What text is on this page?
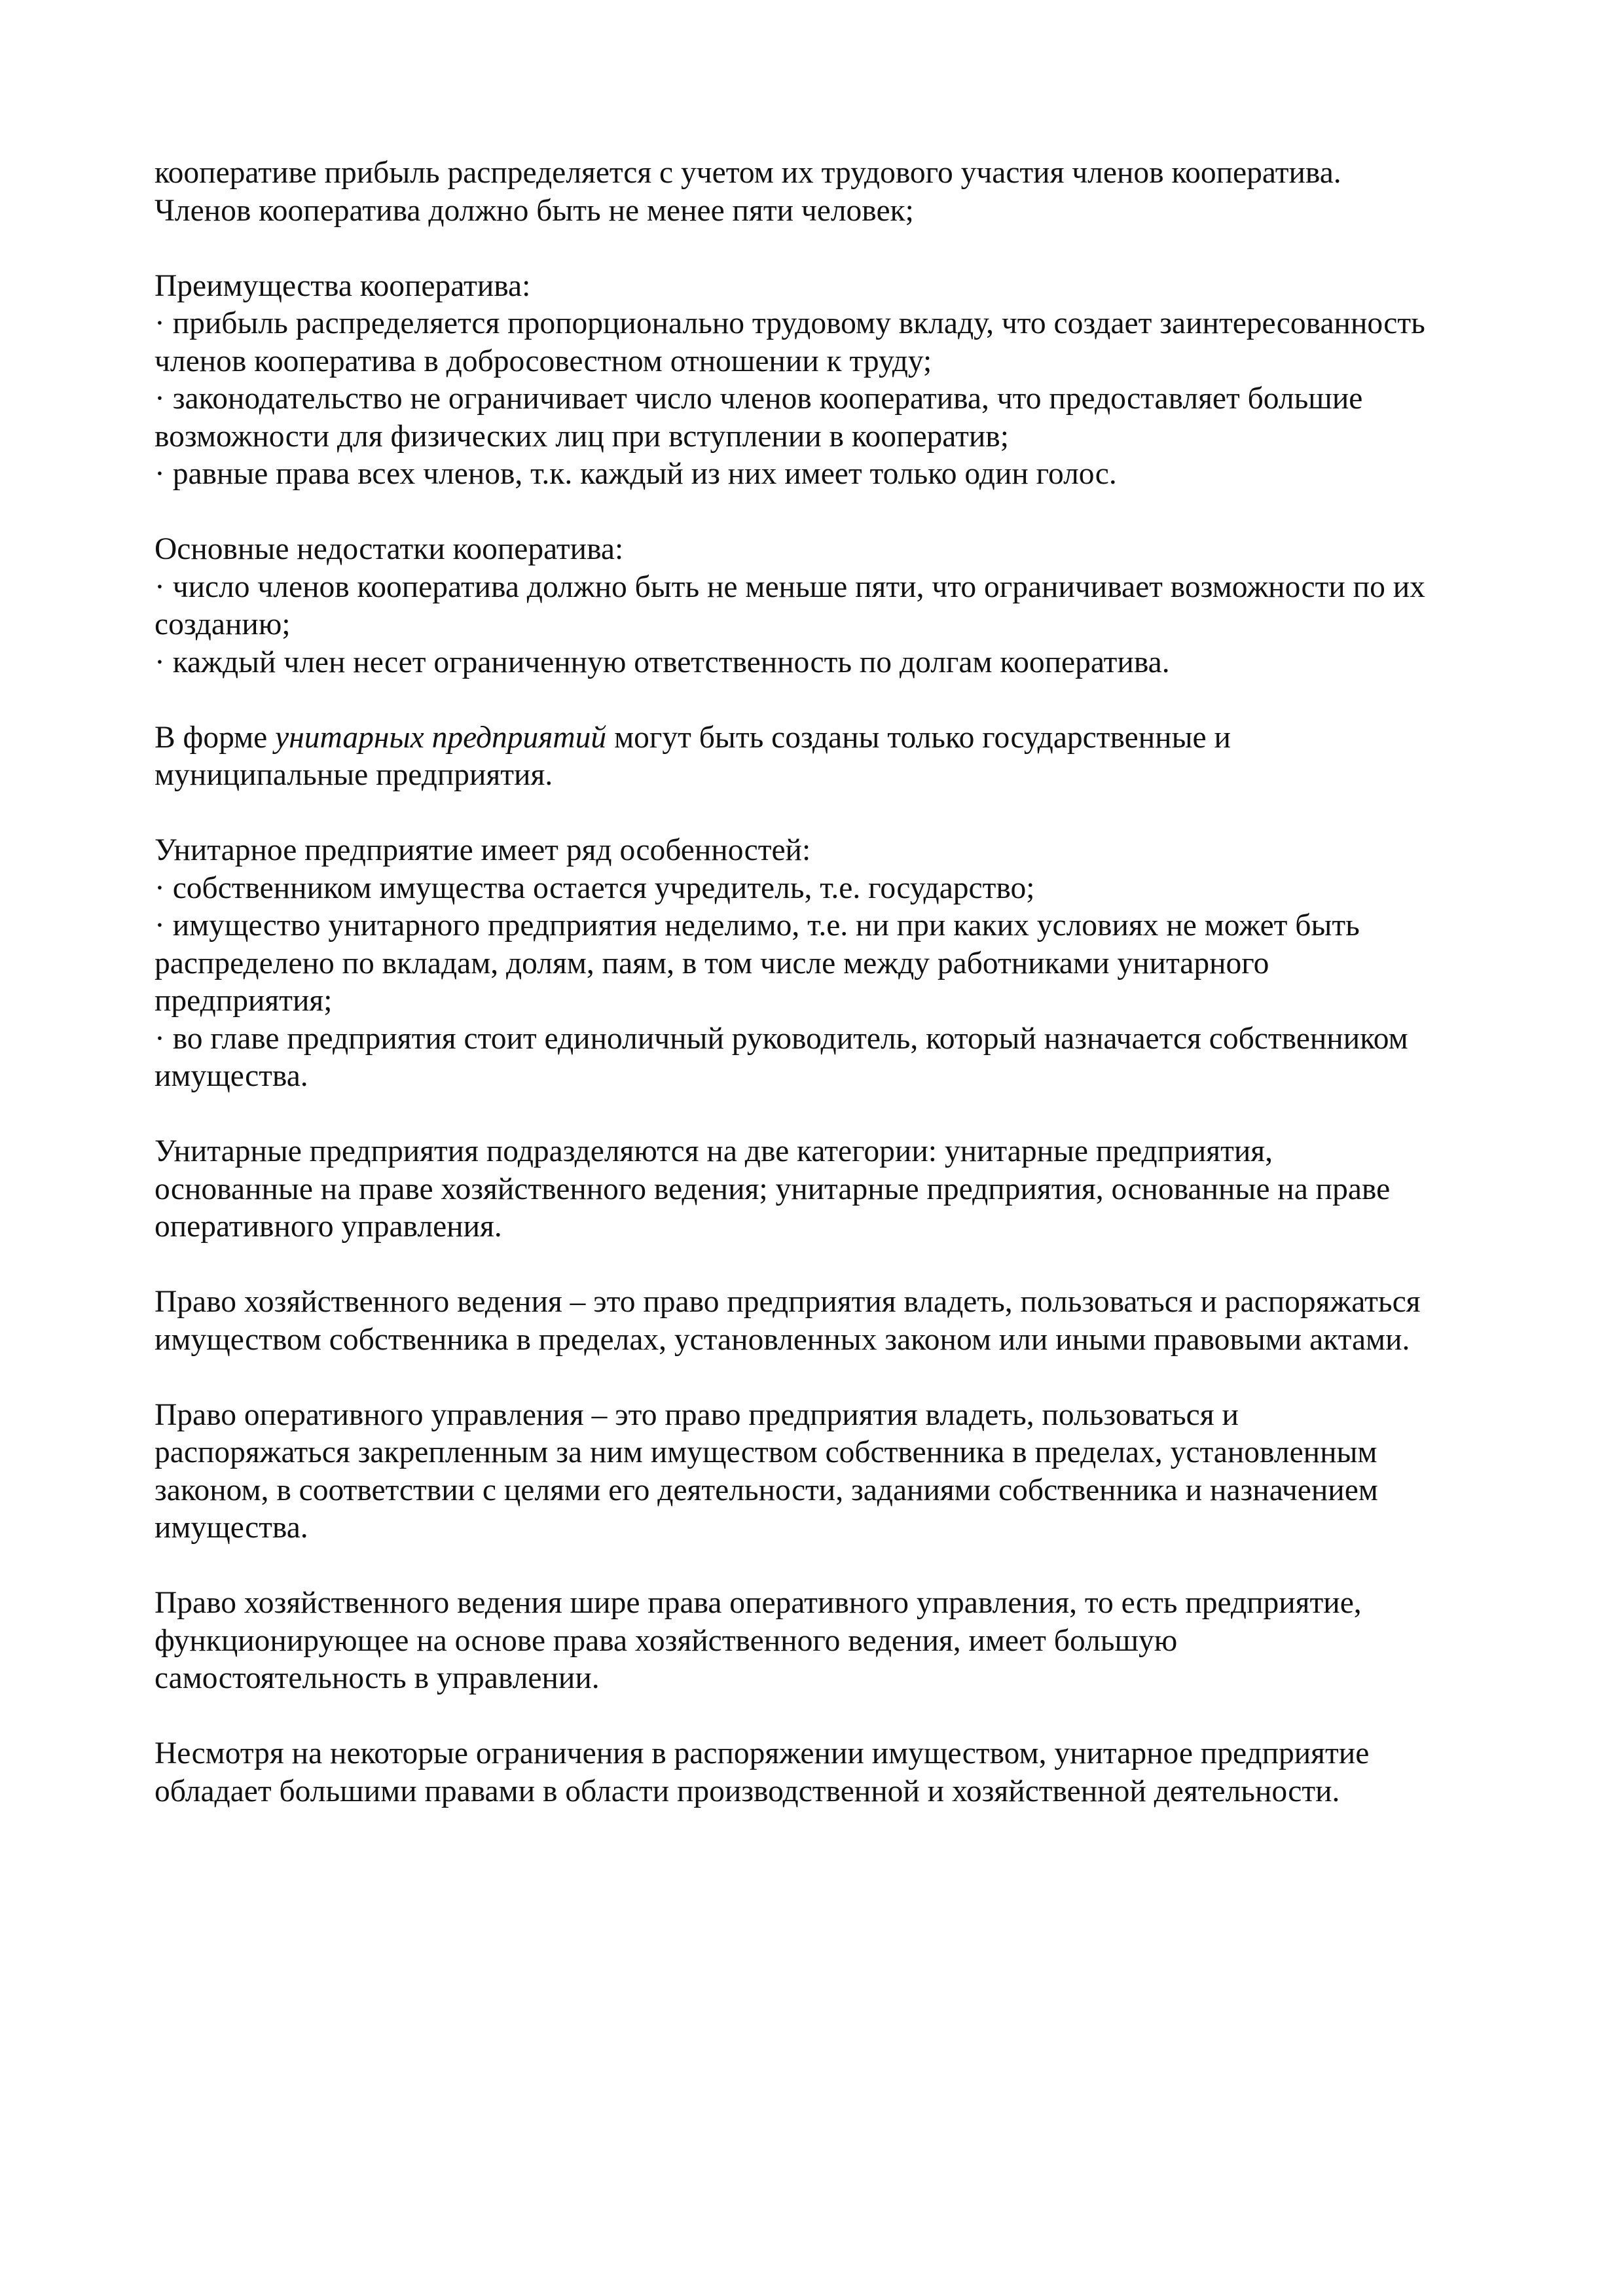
кооперативе прибыль распределяется с учетом их трудового участия членов кооператива.
Членов кооператива должно быть не менее пяти человек;
Преимущества кооператива:
· прибыль распределяется пропорционально трудовому вкладу, что создает заинтересованность
членов кооператива в добросовестном отношении к труду;
· законодательство не ограничивает число членов кооператива, что предоставляет большие
возможности для физических лиц при вступлении в кооператив;
· равные права всех членов, т.к. каждый из них имеет только один голос.
Основные недостатки кооператива:
· число членов кооператива должно быть не меньше пяти, что ограничивает возможности по их
созданию;
· каждый член несет ограниченную ответственность по долгам кооператива.
В форме унитарных предприятий могут быть созданы только государственные и
муниципальные предприятия.
Унитарное предприятие имеет ряд особенностей:
· собственником имущества остается учредитель, т.е. государство;
· имущество унитарного предприятия неделимо, т.е. ни при каких условиях не может быть
распределено по вкладам, долям, паям, в том числе между работниками унитарного
предприятия;
· во главе предприятия стоит единоличный руководитель, который назначается собственником
имущества.
Унитарные предприятия подразделяются на две категории: унитарные предприятия,
основанные на праве хозяйственного ведения; унитарные предприятия, основанные на праве
оперативного управления.
Право хозяйственного ведения – это право предприятия владеть, пользоваться и распоряжаться
имуществом собственника в пределах, установленных законом или иными правовыми актами.
Право оперативного управления – это право предприятия владеть, пользоваться и
распоряжаться закрепленным за ним имуществом собственника в пределах, установленным
законом, в соответствии с целями его деятельности, заданиями собственника и назначением
имущества.
Право хозяйственного ведения шире права оперативного управления, то есть предприятие,
функционирующее на основе права хозяйственного ведения, имеет большую
самостоятельность в управлении.
Несмотря на некоторые ограничения в распоряжении имуществом, унитарное предприятие
обладает большими правами в области производственной и хозяйственной деятельности.
